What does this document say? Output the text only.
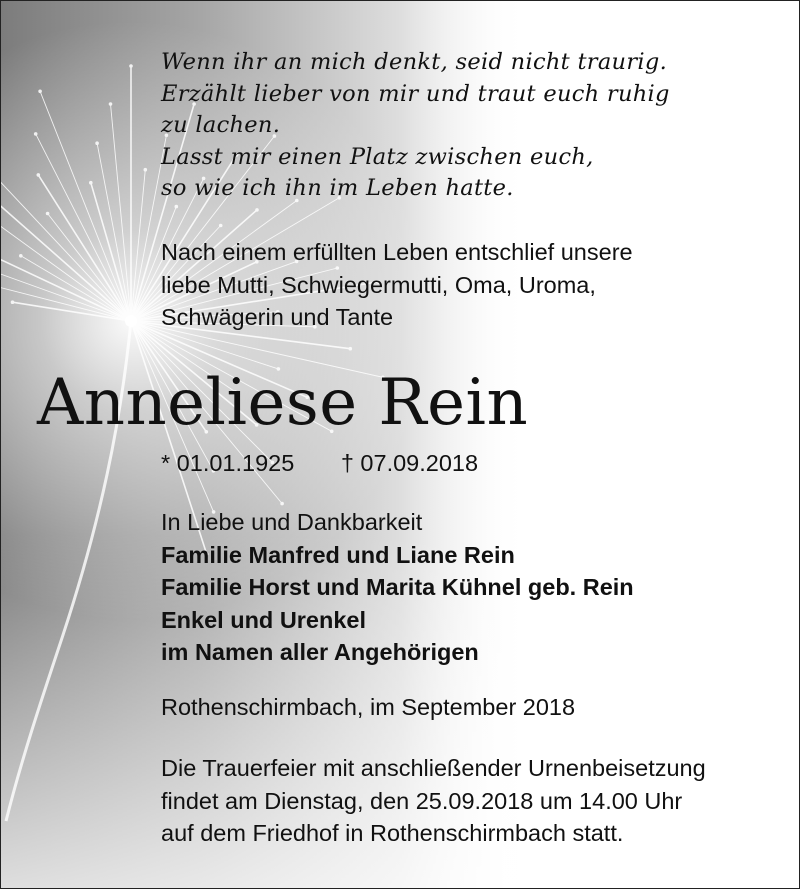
Wenn ihr an mich denkt, seid nicht traurig.
Erzählt lieber von mir und traut euch ruhig
zu lachen.
Lasst mir einen Platz zwischen euch,
so wie ich ihn im Leben hatte.
Nach einem erfüllten Leben entschlief unsere
liebe Mutti, Schwiegermutti, Oma, Uroma,
Schwägerin und Tante
Anneliese Rein
* 01.01.1925 † 07.09.2018
In Liebe und Dankbarkeit
Familie Manfred und Liane Rein
Familie Horst und Marita Kühnel geb. Rein
Enkel und Urenkel
im Namen aller Angehörigen
Rothenschirmbach, im September 2018
Die Trauerfeier mit anschließender Urnenbeisetzung
findet am Dienstag, den 25.09.2018 um 14.00 Uhr
auf dem Friedhof in Rothenschirmbach statt.
